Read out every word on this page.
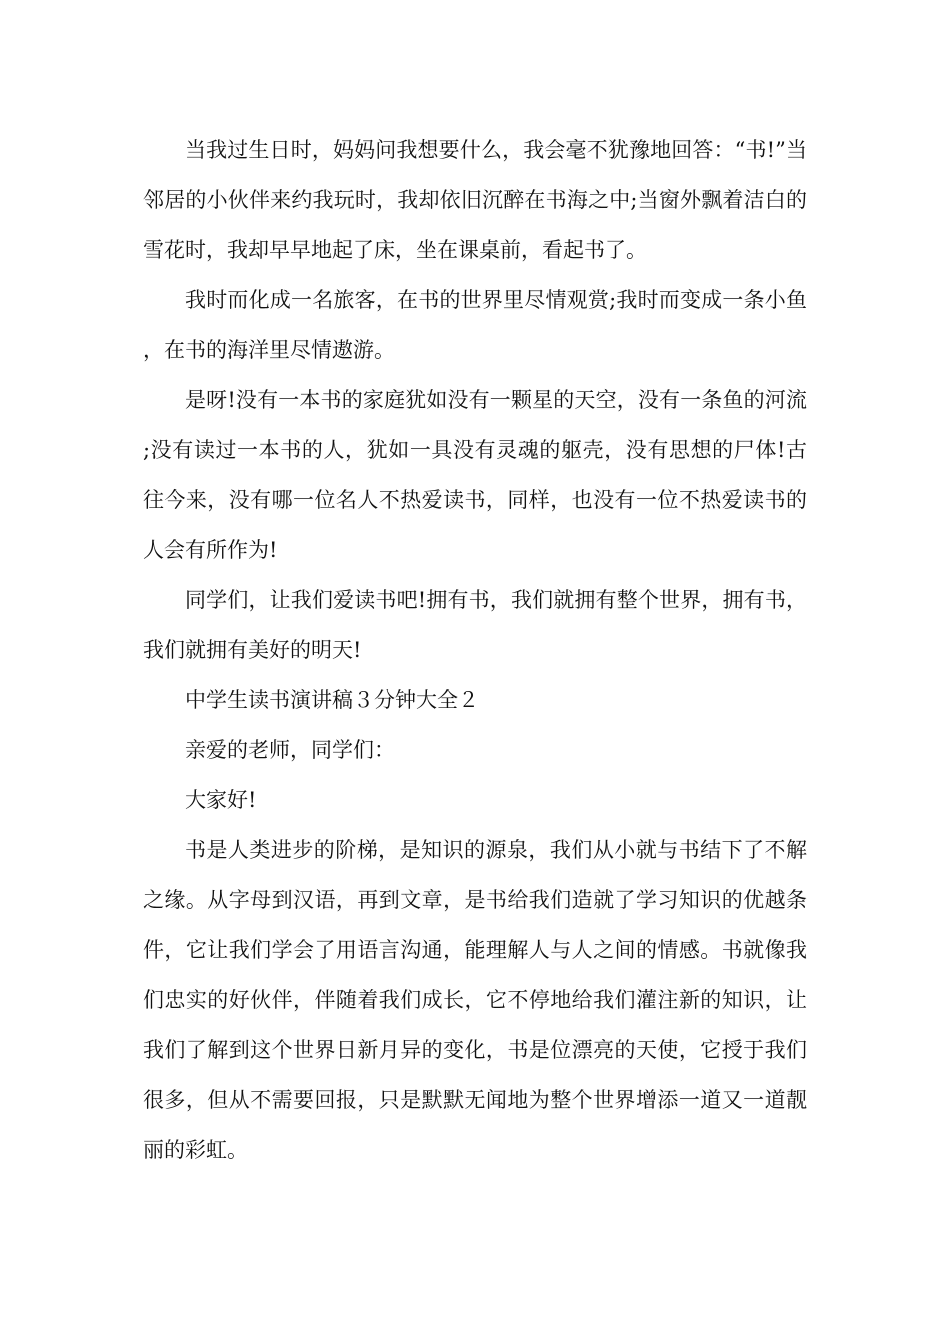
当我过生日时，妈妈问我想要什么，我会毫不犹豫地回答：“书!”当邻居的小伙伴来约我玩时，我却依旧沉醉在书海之中;当窗外飘着洁白的雪花时，我却早早地起了床，坐在课桌前，看起书了。

我时而化成一名旅客，在书的世界里尽情观赏;我时而变成一条小鱼，在书的海洋里尽情遨游。

是呀!没有一本书的家庭犹如没有一颗星的天空，没有一条鱼的河流;没有读过一本书的人，犹如一具没有灵魂的躯壳，没有思想的尸体!古往今来，没有哪一位名人不热爱读书，同样，也没有一位不热爱读书的人会有所作为!

同学们，让我们爱读书吧!拥有书，我们就拥有整个世界，拥有书，我们就拥有美好的明天!

中学生读书演讲稿３分钟大全２

亲爱的老师，同学们：

大家好!

书是人类进步的阶梯，是知识的源泉，我们从小就与书结下了不解之缘。从字母到汉语，再到文章，是书给我们造就了学习知识的优越条件，它让我们学会了用语言沟通，能理解人与人之间的情感。书就像我们忠实的好伙伴，伴随着我们成长，它不停地给我们灌注新的知识，让我们了解到这个世界日新月异的变化，书是位漂亮的天使，它授于我们很多，但从不需要回报，只是默默无闻地为整个世界增添一道又一道靓丽的彩虹。
